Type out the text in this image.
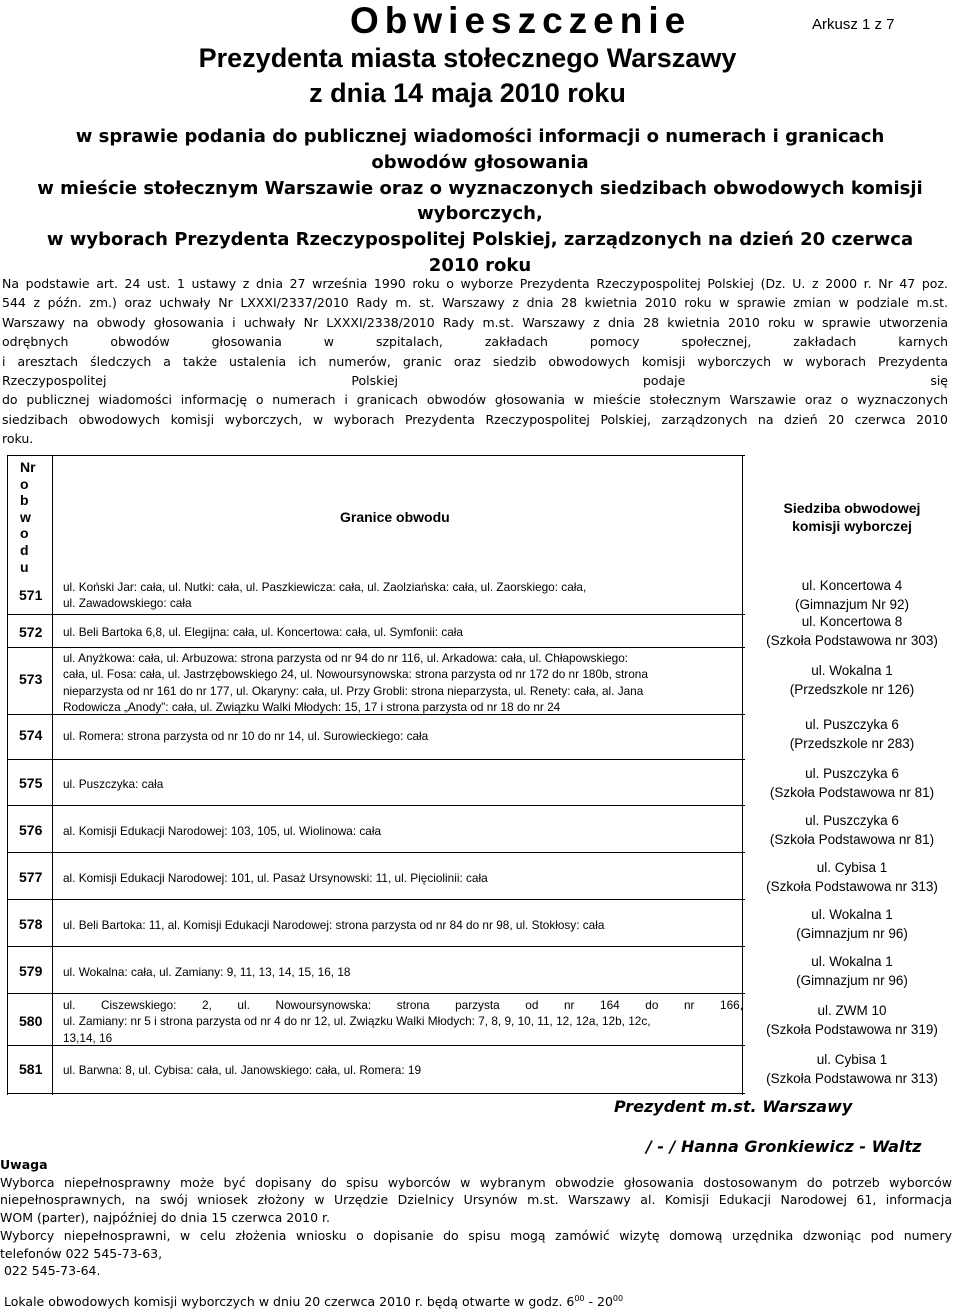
Obwieszczenie	Arkusz 1 z 7
Prezydenta miasta stołecznego Warszawy
z dnia 14 maja 2010 roku
w sprawie podania do publicznej wiadomości informacji o numerach i granicach
obwodów głosowania
w mieście stołecznym Warszawie oraz o wyznaczonych siedzibach obwodowych komisji
wyborczych,
w wyborach Prezydenta Rzeczypospolitej Polskiej, zarządzonych na dzień 20 czerwca
2010 roku
Na podstawie art. 24 ust. 1 ustawy z dnia 27 września 1990 roku o wyborze Prezydenta Rzeczypospolitej Polskiej (Dz. U. z 2000 r. Nr 47 poz.
544 z późn. zm.) oraz uchwały Nr LXXXI/2337/2010 Rady m. st. Warszawy z dnia 28 kwietnia 2010 roku w sprawie zmian w podziale m.st.
Warszawy na obwody głosowania i uchwały Nr LXXXI/2338/2010 Rady m.st. Warszawy z dnia 28 kwietnia 2010 roku w sprawie utworzenia
odrębnych obwodów głosowania w szpitalach, zakładach pomocy społecznej, zakładach karnych
i aresztach śledczych a także ustalenia ich numerów, granic oraz siedzib obwodowych komisji wyborczych w wyborach Prezydenta
Rzeczypospolitej Polskiej podaje się
do publicznej wiadomości informację o numerach i granicach obwodów głosowania w mieście stołecznym Warszawie oraz o wyznaczonych
siedzibach obwodowych komisji wyborczych, w wyborach Prezydenta Rzeczypospolitej Polskiej, zarządzonych na dzień 20 czerwca 2010
roku.
Nr
o
b
w
o
d
u
Granice obwodu
Siedziba obwodowej
komisji wyborczej
571 ul. Koński Jar: cała, ul. Nutki: cała, ul. Paszkiewicza: cała, ul. Zaolziańska: cała, ul. Zaorskiego: cała,
ul. Zawadowskiego: cała
ul. Koncertowa 4
(Gimnazjum Nr 92)
572 ul. Beli Bartoka 6,8, ul. Elegijna: cała, ul. Koncertowa: cała, ul. Symfonii: cała
ul. Koncertowa 8
(Szkoła Podstawowa nr 303)
573
ul. Anyżkowa: cała, ul. Arbuzowa: strona parzysta od nr 94 do nr 116, ul. Arkadowa: cała, ul. Chłapowskiego:
cała, ul. Fosa: cała, ul. Jastrzębowskiego 24, ul. Nowoursynowska: strona parzysta od nr 172 do nr 180b, strona
nieparzysta od nr 161 do nr 177, ul. Okaryny: cała, ul. Przy Grobli: strona nieparzysta, ul. Renety: cała, al. Jana
Rodowicza „Anody”: cała, ul. Związku Walki Młodych: 15, 17 i strona parzysta od nr 18 do nr 24
ul. Wokalna 1
(Przedszkole nr 126)
574 ul. Romera: strona parzysta od nr 10 do nr 14, ul. Surowieckiego: cała
ul. Puszczyka 6
(Przedszkole nr 283)
575 ul. Puszczyka: cała
ul. Puszczyka 6
(Szkoła Podstawowa nr 81)
576 al. Komisji Edukacji Narodowej: 103, 105, ul. Wiolinowa: cała
ul. Puszczyka 6
(Szkoła Podstawowa nr 81)
577 al. Komisji Edukacji Narodowej: 101, ul. Pasaż Ursynowski: 11, ul. Pięciolinii: cała
ul. Cybisa 1
(Szkoła Podstawowa nr 313)
578 ul. Beli Bartoka: 11, al. Komisji Edukacji Narodowej: strona parzysta od nr 84 do nr 98, ul. Stokłosy: cała
ul. Wokalna 1
(Gimnazjum nr 96)
579 ul. Wokalna: cała, ul. Zamiany: 9, 11, 13, 14, 15, 16, 18
ul. Wokalna 1
(Gimnazjum nr 96)
580
ul. Ciszewskiego: 2, ul. Nowoursynowska: strona parzysta od nr 164 do nr 166,
ul. Zamiany: nr 5 i strona parzysta od nr 4 do nr 12, ul. Związku Walki Młodych: 7, 8, 9, 10, 11, 12, 12a, 12b, 12c,
13,14, 16
ul. ZWM 10
(Szkoła Podstawowa nr 319)
581 ul. Barwna: 8, ul. Cybisa: cała, ul. Janowskiego: cała, ul. Romera: 19
ul. Cybisa 1
(Szkoła Podstawowa nr 313)
Prezydent m.st. Warszawy
/ - / Hanna Gronkiewicz - Waltz
Uwaga
Wyborca niepełnosprawny może być dopisany do spisu wyborców w wybranym obwodzie głosowania dostosowanym do potrzeb wyborców
niepełnosprawnych, na swój wniosek złożony w Urzędzie Dzielnicy Ursynów m.st. Warszawy al. Komisji Edukacji Narodowej 61, informacja
WOM (parter), najpóźniej do dnia 15 czerwca 2010 r.
Wyborcy niepełnosprawni, w celu złożenia wniosku o dopisanie do spisu mogą zamówić wizytę domową urzędnika dzwoniąc pod numery
telefonów 022 545-73-63,
022 545-73-64.
Lokale obwodowych komisji wyborczych w dniu 20 czerwca 2010 r. będą otwarte w godz. $6^{00} - 20^{00}$
